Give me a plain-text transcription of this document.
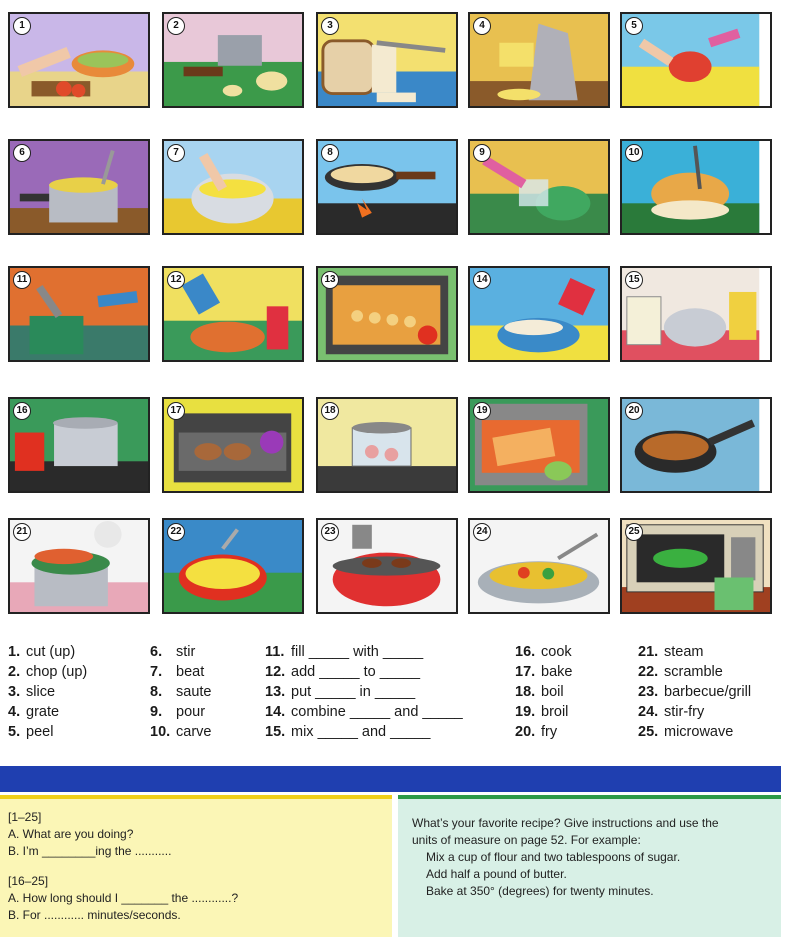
1	2	3	4	5
6	7	8	9	10
11	12	13	14	15
16	17	18	19	20
21	22	23	24	25
1. cut (up)
2. chop (up)
3. slice
4. grate
5. peel
6. stir
7. beat
8. saute
9. pour
10. carve
11. fill _____ with _____
12. add _____ to _____
13. put _____ in _____
14. combine _____ and _____
15. mix _____ and _____
16. cook
17. bake
18. boil
19. broil
20. fry
21. steam
22. scramble
23. barbecue/grill
24. stir-fry
25. microwave
[1–25]
A. What are you doing?
B. I’m ________ing the ...........
[16–25]
A. How long should I _______ the ............?
B. For ............ minutes/seconds.
What’s your favorite recipe? Give instructions and use the
units of measure on page 52. For example:
Mix a cup of flour and two tablespoons of sugar.
Add half a pound of butter.
Bake at 350° (degrees) for twenty minutes.
